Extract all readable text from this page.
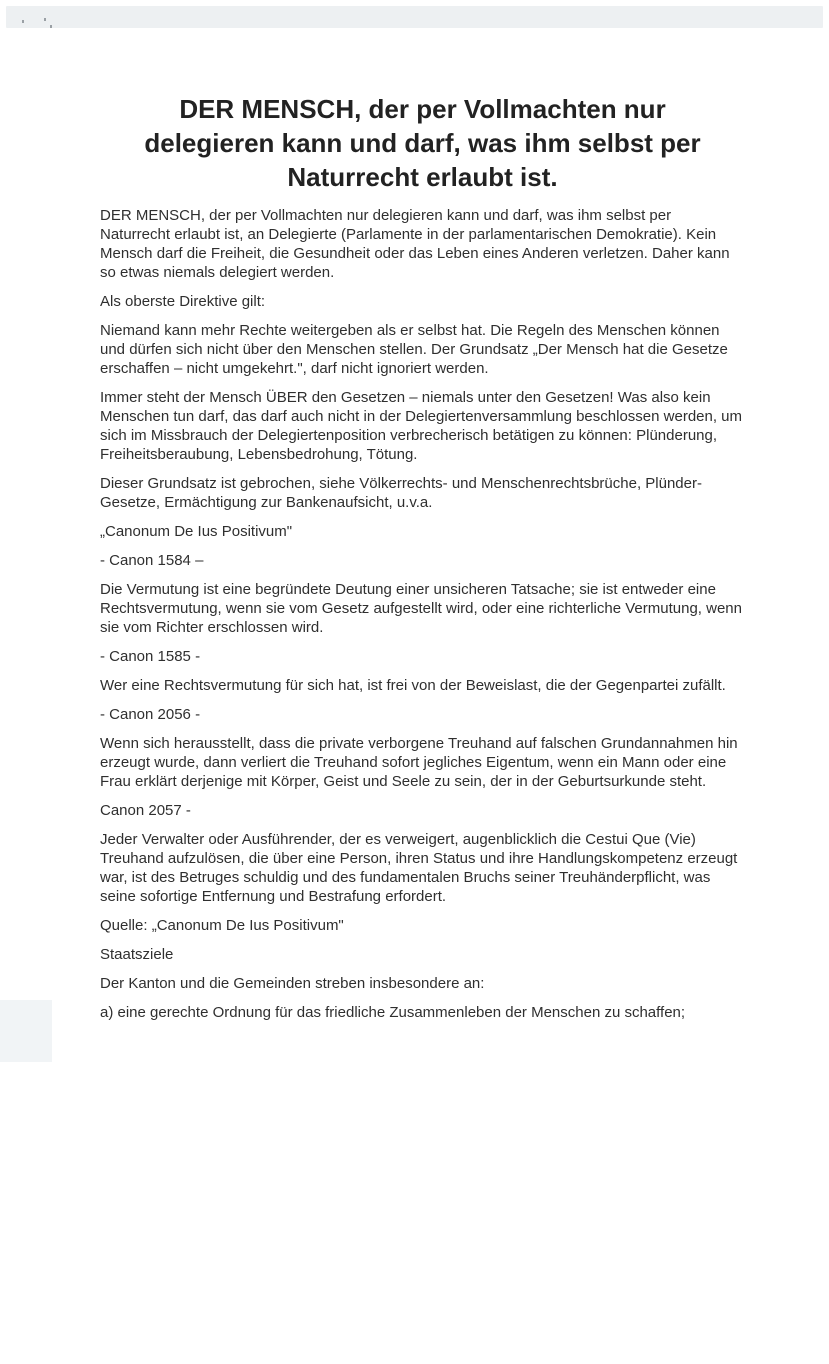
DER MENSCH, der per Vollmachten nur
delegieren kann und darf, was ihm selbst per
Naturrecht erlaubt ist.

DER MENSCH, der per Vollmachten nur delegieren kann und darf, was ihm selbst per Naturrecht erlaubt ist, an Delegierte (Parlamente in der parlamentarischen Demokratie). Kein Mensch darf die Freiheit, die Gesundheit oder das Leben eines Anderen verletzen. Daher kann so etwas niemals delegiert werden.

Als oberste Direktive gilt:

Niemand kann mehr Rechte weitergeben als er selbst hat. Die Regeln des Menschen können und dürfen sich nicht über den Menschen stellen. Der Grundsatz „Der Mensch hat die Gesetze erschaffen – nicht umgekehrt.", darf nicht ignoriert werden.

Immer steht der Mensch ÜBER den Gesetzen – niemals unter den Gesetzen! Was also kein Menschen tun darf, das darf auch nicht in der Delegiertenversammlung beschlossen werden, um sich im Missbrauch der Delegiertenposition verbrecherisch betätigen zu können: Plünderung, Freiheitsberaubung, Lebensbedrohung, Tötung.

Dieser Grundsatz ist gebrochen, siehe Völkerrechts- und Menschenrechtsbrüche, Plünder-Gesetze, Ermächtigung zur Bankenaufsicht, u.v.a.

„Canonum De Ius Positivum"

- Canon 1584 –

Die Vermutung ist eine begründete Deutung einer unsicheren Tatsache; sie ist entweder eine Rechtsvermutung, wenn sie vom Gesetz aufgestellt wird, oder eine richterliche Vermutung, wenn sie vom Richter erschlossen wird.

- Canon 1585 -

Wer eine Rechtsvermutung für sich hat, ist frei von der Beweislast, die der Gegenpartei zufällt.

- Canon 2056 -

Wenn sich herausstellt, dass die private verborgene Treuhand auf falschen Grundannahmen hin erzeugt wurde, dann verliert die Treuhand sofort jegliches Eigentum, wenn ein Mann oder eine Frau erklärt derjenige mit Körper, Geist und Seele zu sein, der in der Geburtsurkunde steht.

Canon 2057 -

Jeder Verwalter oder Ausführender, der es verweigert, augenblicklich die Cestui Que (Vie) Treuhand aufzulösen, die über eine Person, ihren Status und ihre Handlungskompetenz erzeugt war, ist des Betruges schuldig und des fundamentalen Bruchs seiner Treuhänderpflicht, was seine sofortige Entfernung und Bestrafung erfordert.

Quelle: „Canonum De Ius Positivum"

Staatsziele

Der Kanton und die Gemeinden streben insbesondere an:

a) eine gerechte Ordnung für das friedliche Zusammenleben der Menschen zu schaffen;
